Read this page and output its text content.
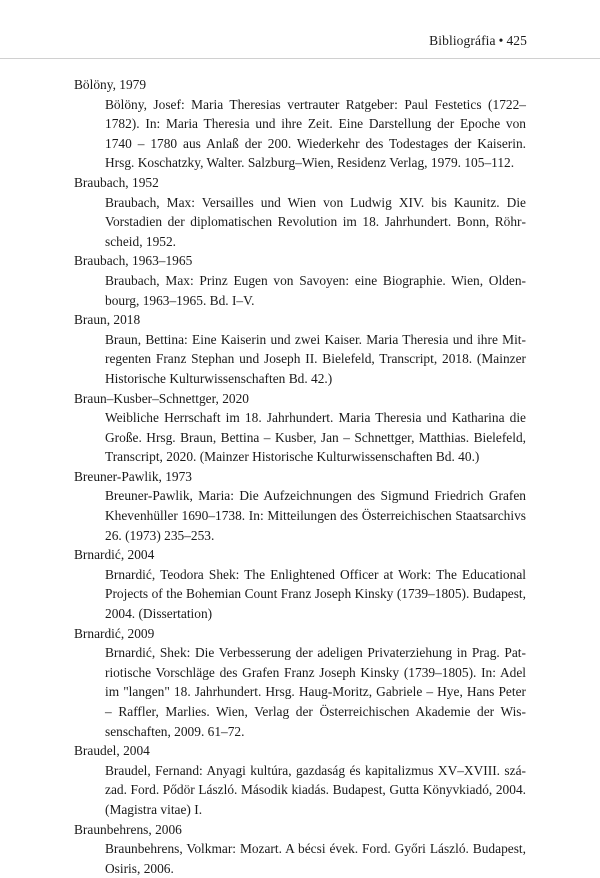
Bibliográfia • 425

Bölöny, 1979

Bölöny, Josef: Maria Theresias vertrauter Ratgeber: Paul Festetics (1722–1782). In: Maria Theresia und ihre Zeit. Eine Darstellung der Epoche von 1740 – 1780 aus Anlaß der 200. Wiederkehr des Todestages der Kaiserin. Hrsg. Koschatzky, Walter. Salzburg–Wien, Residenz Verlag, 1979. 105–112.

Braubach, 1952

Braubach, Max: Versailles und Wien von Ludwig XIV. bis Kaunitz. Die Vorstadien der diplomatischen Revolution im 18. Jahrhundert. Bonn, Röhrscheid, 1952.

Braubach, 1963–1965

Braubach, Max: Prinz Eugen von Savoyen: eine Biographie. Wien, Oldenbourg, 1963–1965. Bd. I–V.

Braun, 2018

Braun, Bettina: Eine Kaiserin und zwei Kaiser. Maria Theresia und ihre Mitregenten Franz Stephan und Joseph II. Bielefeld, Transcript, 2018. (Mainzer Historische Kulturwissenschaften Bd. 42.)

Braun–Kusber–Schnettger, 2020

Weibliche Herrschaft im 18. Jahrhundert. Maria Theresia und Katharina die Große. Hrsg. Braun, Bettina – Kusber, Jan – Schnettger, Matthias. Bielefeld, Transcript, 2020. (Mainzer Historische Kulturwissenschaften Bd. 40.)

Breuner-Pawlik, 1973

Breuner-Pawlik, Maria: Die Aufzeichnungen des Sigmund Friedrich Grafen Khevenhüller 1690–1738. In: Mitteilungen des Österreichischen Staatsarchivs 26. (1973) 235–253.

Brnardić, 2004

Brnardić, Teodora Shek: The Enlightened Officer at Work: The Educational Projects of the Bohemian Count Franz Joseph Kinsky (1739–1805). Budapest, 2004. (Dissertation)

Brnardić, 2009

Brnardić, Shek: Die Verbesserung der adeligen Privaterziehung in Prag. Patriotische Vorschläge des Grafen Franz Joseph Kinsky (1739–1805). In: Adel im "langen" 18. Jahrhundert. Hrsg. Haug-Moritz, Gabriele – Hye, Hans Peter – Raffler, Marlies. Wien, Verlag der Österreichischen Akademie der Wissenschaften, 2009. 61–72.

Braudel, 2004

Braudel, Fernand: Anyagi kultúra, gazdaság és kapitalizmus XV–XVIII. század. Ford. Pődör László. Második kiadás. Budapest, Gutta Könyvkiadó, 2004. (Magistra vitae) I.

Braunbehrens, 2006

Braunbehrens, Volkmar: Mozart. A bécsi évek. Ford. Győri László. Budapest, Osiris, 2006.
